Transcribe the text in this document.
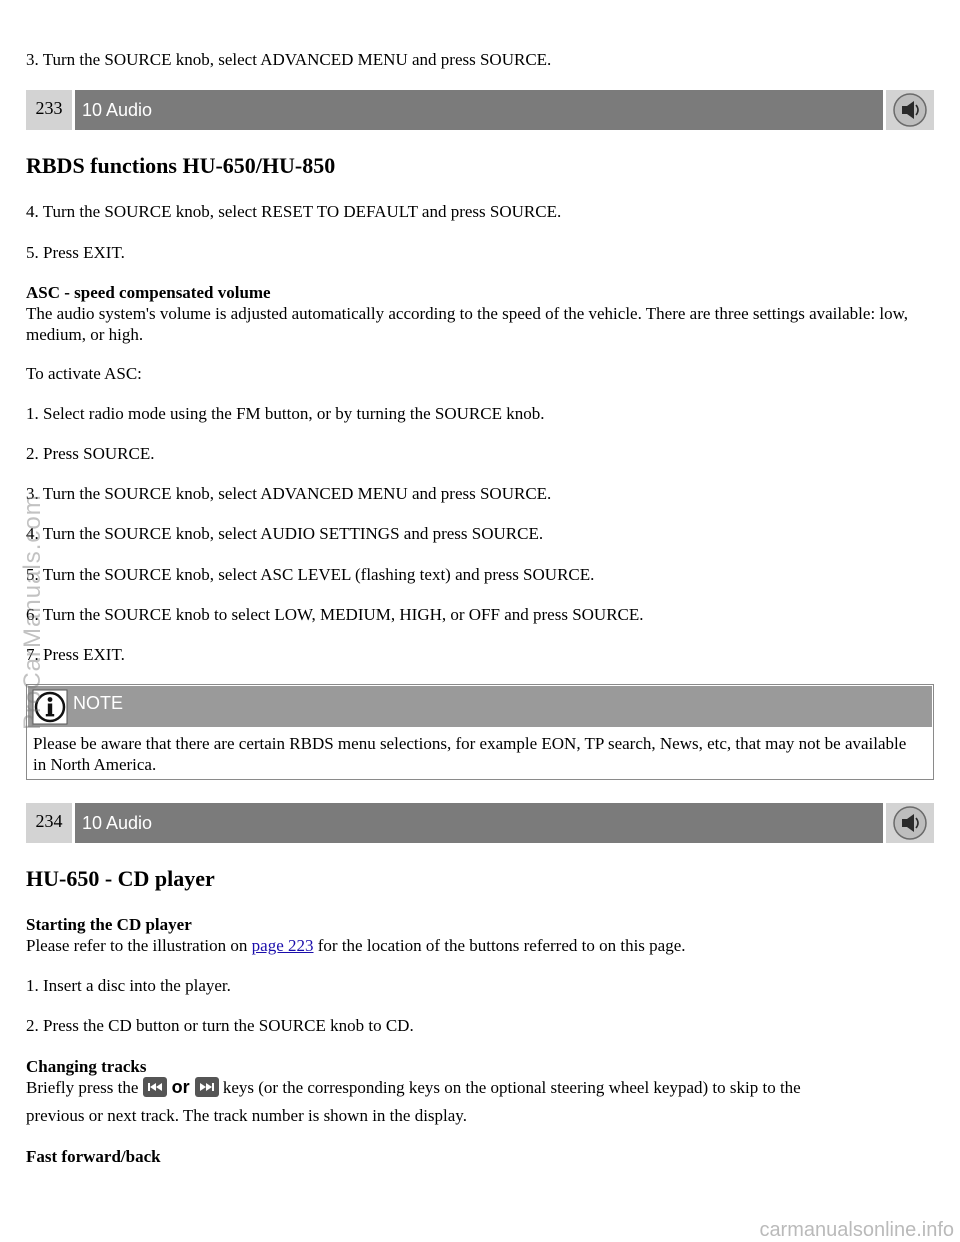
3. Turn the SOURCE knob, select ADVANCED MENU and press SOURCE.

233	10 Audio

RBDS functions HU-650/HU-850

4. Turn the SOURCE knob, select RESET TO DEFAULT and press SOURCE.

5. Press EXIT.

ASC - speed compensated volume

The audio system's volume is adjusted automatically according to the speed of the vehicle. There are three settings available: low, medium, or high.

To activate ASC:

1. Select radio mode using the FM button, or by turning the SOURCE knob.

2. Press SOURCE.

3. Turn the SOURCE knob, select ADVANCED MENU and press SOURCE.

4. Turn the SOURCE knob, select AUDIO SETTINGS and press SOURCE.

5. Turn the SOURCE knob, select ASC LEVEL (flashing text) and press SOURCE.

6. Turn the SOURCE knob to select LOW, MEDIUM, HIGH, or OFF and press SOURCE.

7. Press EXIT.

NOTE

Please be aware that there are certain RBDS menu selections, for example EON, TP search, News, etc, that may not be available in North America.

234	10 Audio

HU-650 - CD player

Starting the CD player

Please refer to the illustration on page 223 for the location of the buttons referred to on this page.

1. Insert a disc into the player.

2. Press the CD button or turn the SOURCE knob to CD.

Changing tracks

Briefly press the or keys (or the corresponding keys on the optional steering wheel keypad) to skip to the

previous or next track. The track number is shown in the display.

Fast forward/back

ProCarManuals.com
carmanualsonline.info
